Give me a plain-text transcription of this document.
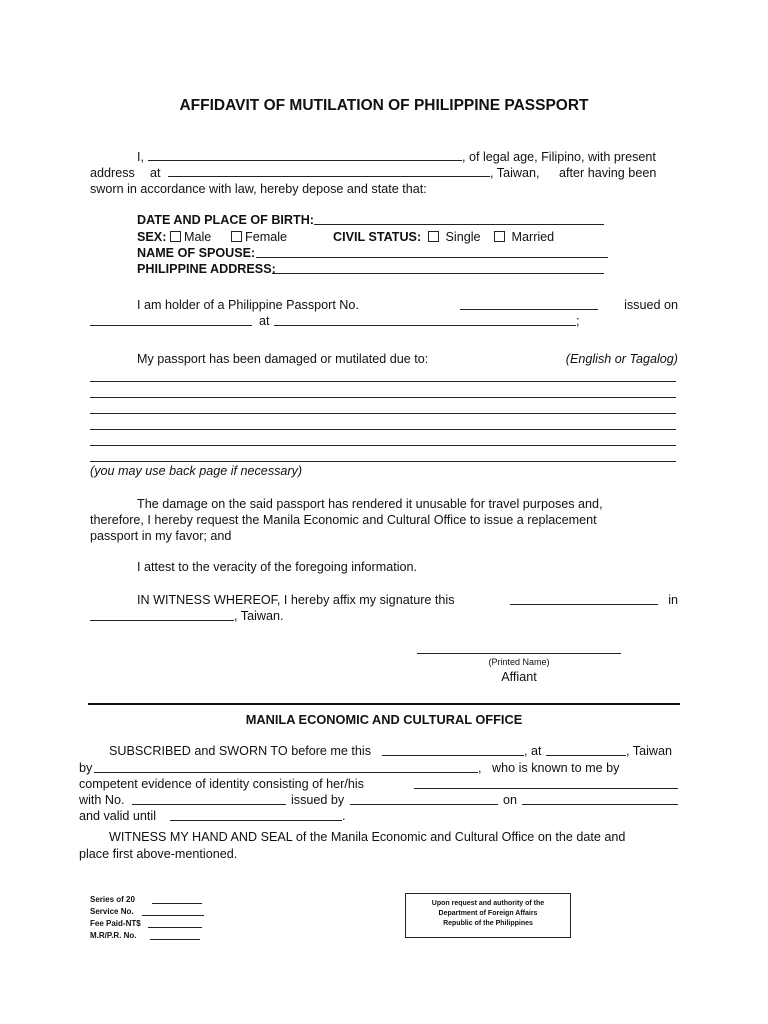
AFFIDAVIT OF MUTILATION OF PHILIPPINE PASSPORT
I,	, of legal age, Filipino, with present
address at	, Taiwan, after having been
sworn in accordance with law, hereby depose and state that:
DATE AND PLACE OF BIRTH:
SEX:	Male	Female	CIVIL STATUS:	Single	Married
NAME OF SPOUSE:
PHILIPPINE ADDRESS:
I am holder of a Philippine Passport No.	issued on
at	;
My passport has been damaged or mutilated due to:	(English or Tagalog)
(you may use back page if necessary)
The damage on the said passport has rendered it unusable for travel purposes and,
therefore, I hereby request the Manila Economic and Cultural Office to issue a replacement
passport in my favor; and
I attest to the veracity of the foregoing information.
IN WITNESS WHEREOF, I hereby affix my signature this	in
, Taiwan.
(Printed Name)
Affiant
MANILA ECONOMIC AND CULTURAL OFFICE
SUBSCRIBED and SWORN TO before me this	, at	, Taiwan
by	, who is known to me by
competent evidence of identity consisting of her/his
with No.	issued by	on
and valid until	.
WITNESS MY HAND AND SEAL of the Manila Economic and Cultural Office on the date and
place first above-mentioned.
Series of 20
Service No.
Fee Paid-NT$
M.R/P.R. No.
Upon request and authority of the
Department of Foreign Affairs
Republic of the Philippines
